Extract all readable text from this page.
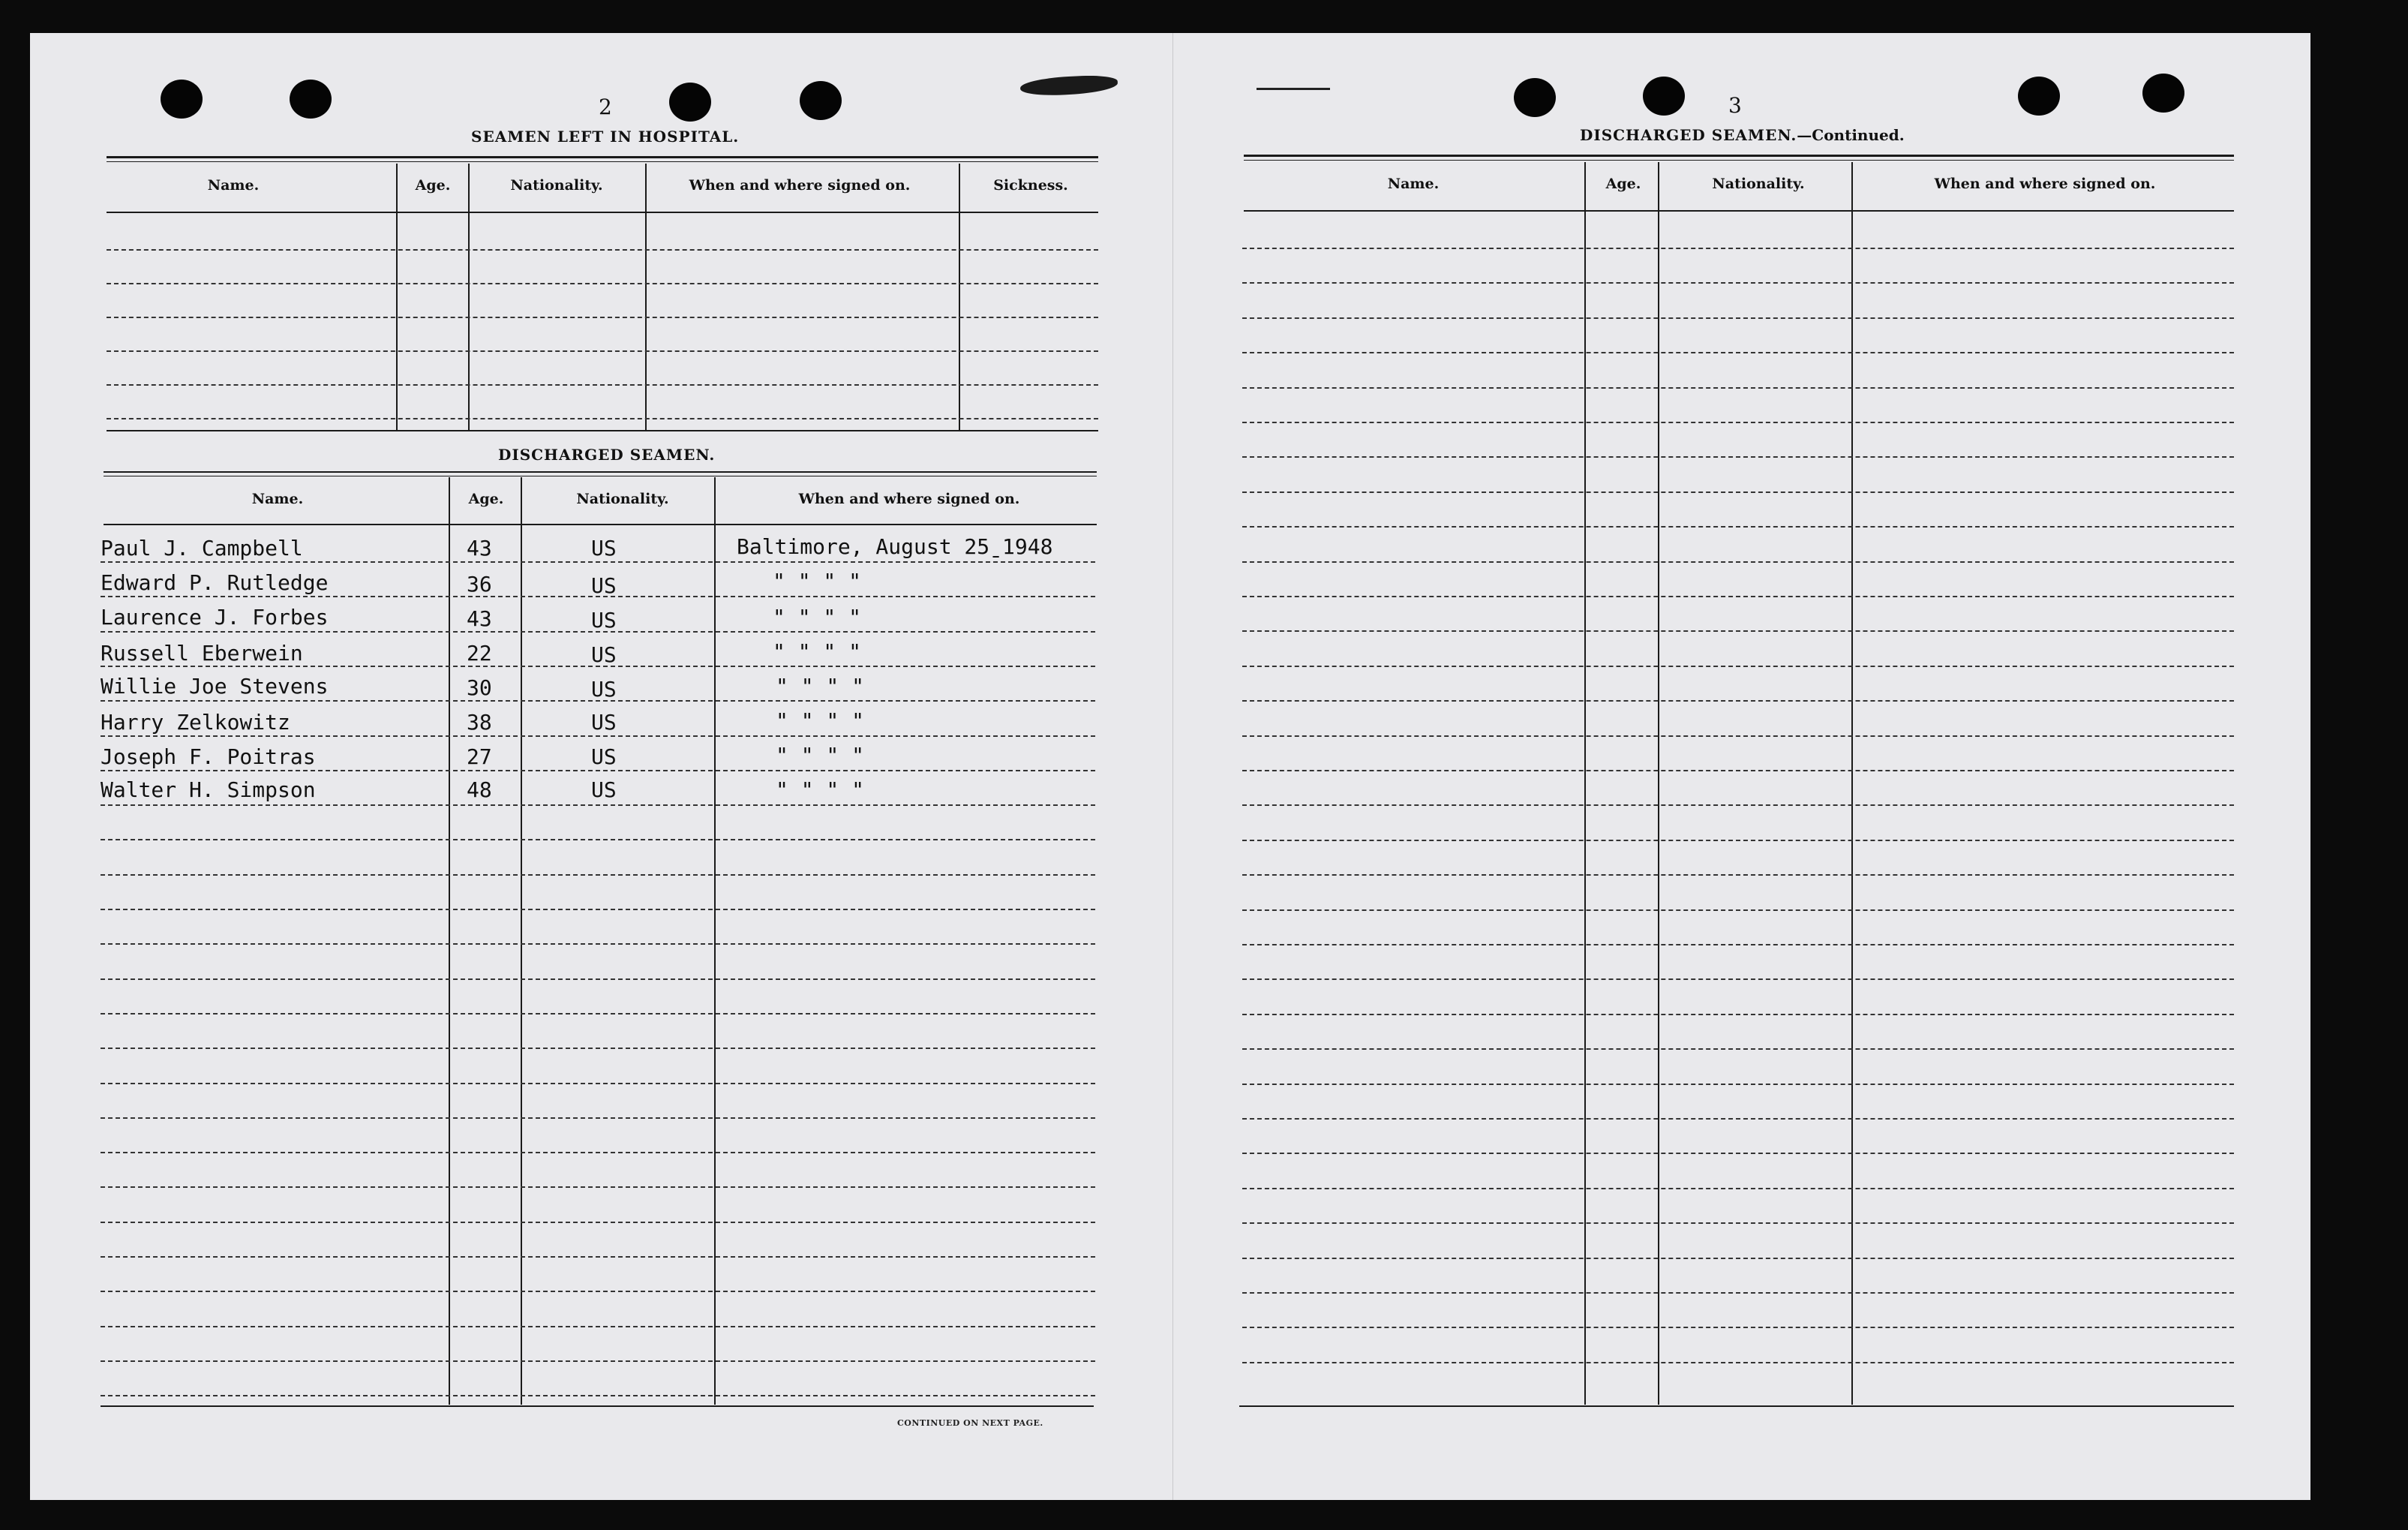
2
SEAMEN LEFT IN HOSPITAL.
Name.	Age.	Nationality.	When and where signed on.	Sickness.
DISCHARGED SEAMEN.
Name.	Age.	Nationality.	When and where signed on.
Paul J. Campbell	43	US	Baltimore, August 25̱ 1948
Edward P. Rutledge	36	US	" " " "
Laurence J. Forbes	43	US	" " " "
Russell Eberwein	22	US	" " " "
Willie Joe Stevens	30	US	" " " "
Harry Zelkowitz	38	US	" " " "
Joseph F. Poitras	27	US	" " " "
Walter H. Simpson	48	US	" " " "
CONTINUED ON NEXT PAGE.
3
DISCHARGED SEAMEN.—Continued.
Name.	Age.	Nationality.	When and where signed on.
